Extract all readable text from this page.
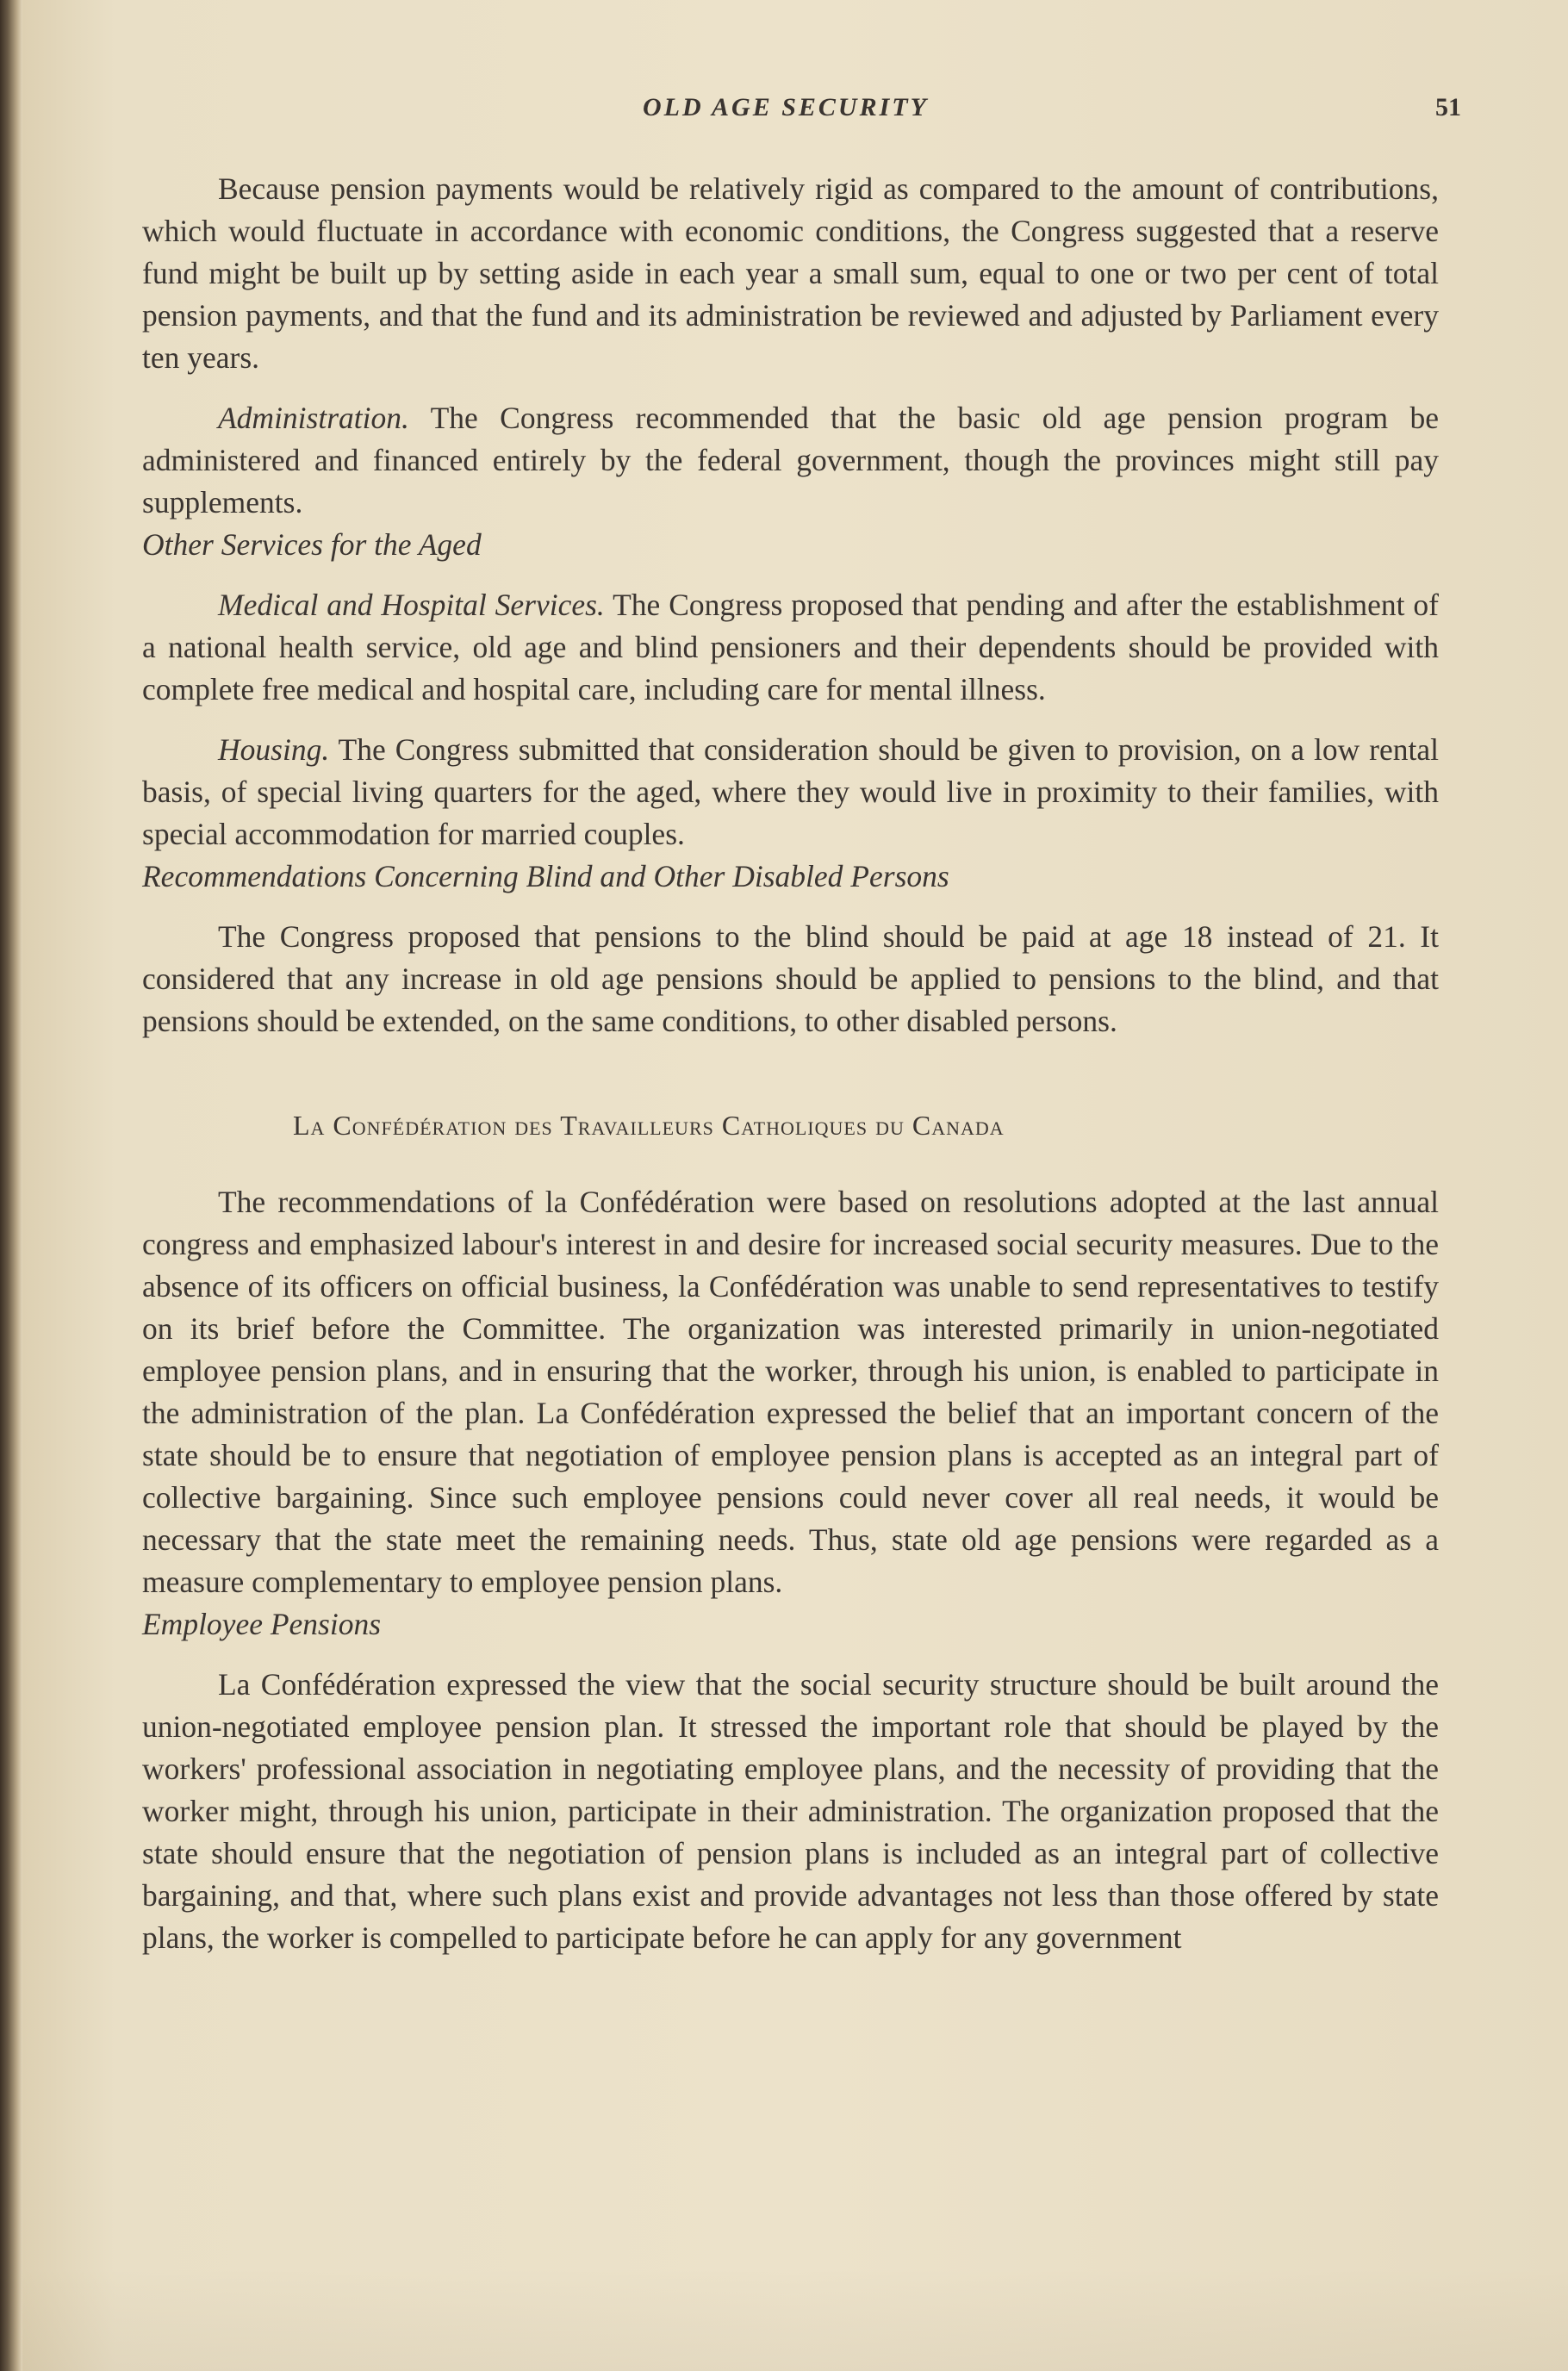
OLD AGE SECURITY	51

Because pension payments would be relatively rigid as compared to the amount of contributions, which would fluctuate in accordance with economic conditions, the Congress suggested that a reserve fund might be built up by setting aside in each year a small sum, equal to one or two per cent of total pension payments, and that the fund and its administration be reviewed and adjusted by Parliament every ten years.

Administration. The Congress recommended that the basic old age pension program be administered and financed entirely by the federal government, though the provinces might still pay supplements.

Other Services for the Aged

Medical and Hospital Services. The Congress proposed that pending and after the establishment of a national health service, old age and blind pensioners and their dependents should be provided with complete free medical and hospital care, including care for mental illness.

Housing. The Congress submitted that consideration should be given to provision, on a low rental basis, of special living quarters for the aged, where they would live in proximity to their families, with special accommodation for married couples.

Recommendations Concerning Blind and Other Disabled Persons

The Congress proposed that pensions to the blind should be paid at age 18 instead of 21. It considered that any increase in old age pensions should be applied to pensions to the blind, and that pensions should be extended, on the same conditions, to other disabled persons.

La Confédération des Travailleurs Catholiques du Canada

The recommendations of la Confédération were based on resolutions adopted at the last annual congress and emphasized labour's interest in and desire for increased social security measures. Due to the absence of its officers on official business, la Confédération was unable to send representatives to testify on its brief before the Committee. The organization was interested primarily in union-negotiated employee pension plans, and in ensuring that the worker, through his union, is enabled to participate in the administration of the plan. La Confédération expressed the belief that an important concern of the state should be to ensure that negotiation of employee pension plans is accepted as an integral part of collective bargaining. Since such employee pensions could never cover all real needs, it would be necessary that the state meet the remaining needs. Thus, state old age pensions were regarded as a measure complementary to employee pension plans.

Employee Pensions

La Confédération expressed the view that the social security structure should be built around the union-negotiated employee pension plan. It stressed the important role that should be played by the workers' professional association in negotiating employee plans, and the necessity of providing that the worker might, through his union, participate in their administration. The organization proposed that the state should ensure that the negotiation of pension plans is included as an integral part of collective bargaining, and that, where such plans exist and provide advantages not less than those offered by state plans, the worker is compelled to participate before he can apply for any government
